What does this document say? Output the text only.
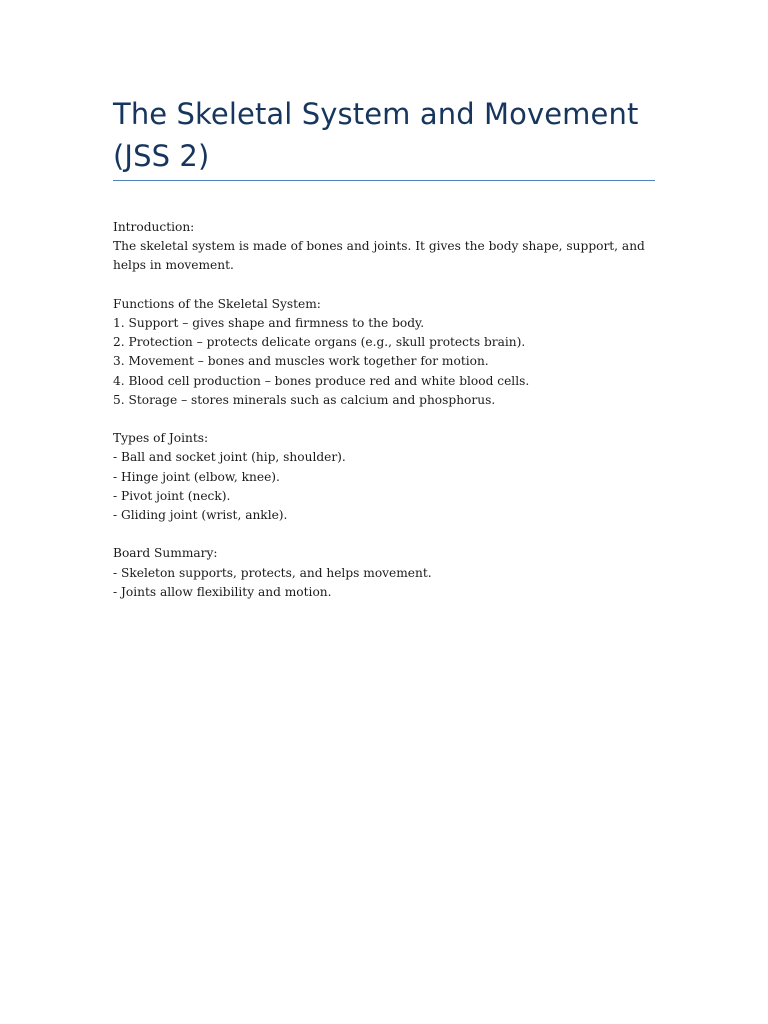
The Skeletal System and Movement (JSS 2)

Introduction:

The skeletal system is made of bones and joints. It gives the body shape, support, and helps in movement.

Functions of the Skeletal System:

1. Support – gives shape and firmness to the body.

2. Protection – protects delicate organs (e.g., skull protects brain).

3. Movement – bones and muscles work together for motion.

4. Blood cell production – bones produce red and white blood cells.

5. Storage – stores minerals such as calcium and phosphorus.

Types of Joints:

- Ball and socket joint (hip, shoulder).

- Hinge joint (elbow, knee).

- Pivot joint (neck).

- Gliding joint (wrist, ankle).

Board Summary:

- Skeleton supports, protects, and helps movement.

- Joints allow flexibility and motion.
